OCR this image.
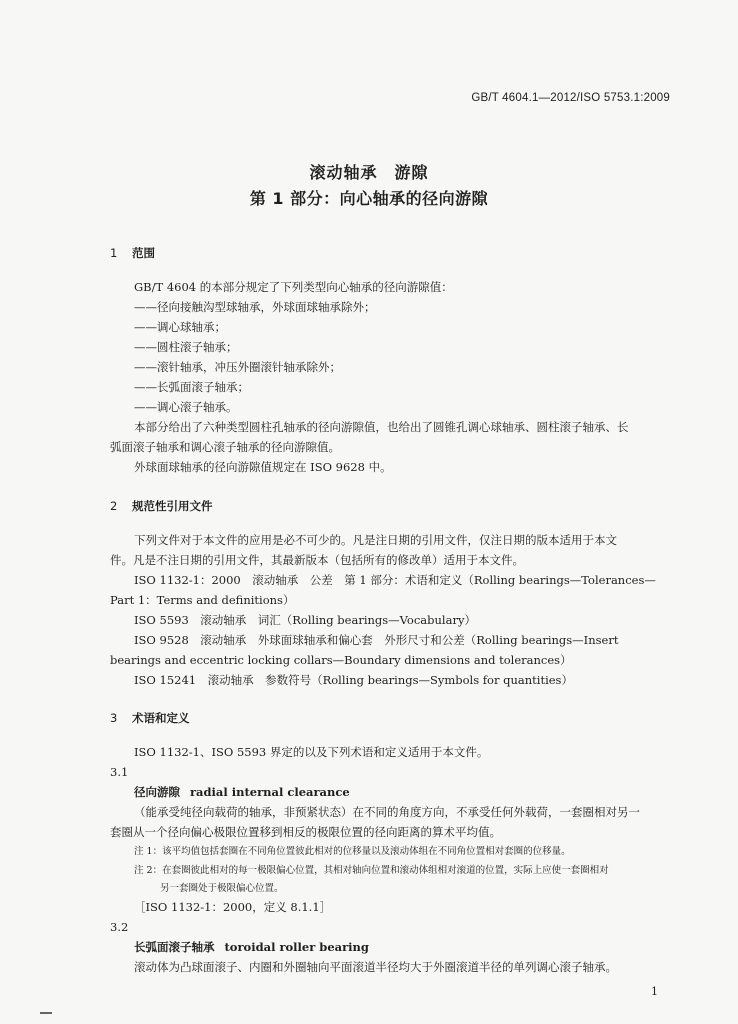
GB/T 4604.1—2012/ISO 5753.1:2009
滚动轴承　游隙
第 1 部分：向心轴承的径向游隙
1 范围
GB/T 4604 的本部分规定了下列类型向心轴承的径向游隙值：
——径向接触沟型球轴承，外球面球轴承除外；
——调心球轴承；
——圆柱滚子轴承；
——滚针轴承，冲压外圈滚针轴承除外；
——长弧面滚子轴承；
——调心滚子轴承。
本部分给出了六种类型圆柱孔轴承的径向游隙值，也给出了圆锥孔调心球轴承、圆柱滚子轴承、长
弧面滚子轴承和调心滚子轴承的径向游隙值。
外球面球轴承的径向游隙值规定在 ISO 9628 中。
2 规范性引用文件
下列文件对于本文件的应用是必不可少的。凡是注日期的引用文件，仅注日期的版本适用于本文
件。凡是不注日期的引用文件，其最新版本（包括所有的修改单）适用于本文件。
ISO 1132-1：2000　滚动轴承　公差　第 1 部分：术语和定义（Rolling bearings—Tolerances—
Part 1：Terms and definitions）
ISO 5593　滚动轴承　词汇（Rolling bearings—Vocabulary）
ISO 9528　滚动轴承　外球面球轴承和偏心套　外形尺寸和公差（Rolling bearings—Insert
bearings and eccentric locking collars—Boundary dimensions and tolerances）
ISO 15241　滚动轴承　参数符号（Rolling bearings—Symbols for quantities）
3 术语和定义
ISO 1132-1、ISO 5593 界定的以及下列术语和定义适用于本文件。
3.1
径向游隙 radial internal clearance
（能承受纯径向载荷的轴承，非预紧状态）在不同的角度方向，不承受任何外载荷，一套圈相对另一
套圈从一个径向偏心极限位置移到相反的极限位置的径向距离的算术平均值。
注 1：该平均值包括套圈在不同角位置彼此相对的位移量以及滚动体组在不同角位置相对套圈的位移量。
注 2：在套圈彼此相对的每一极限偏心位置，其相对轴向位置和滚动体组相对滚道的位置，实际上应使一套圈相对
另一套圈处于极限偏心位置。
［ISO 1132-1：2000，定义 8.1.1］
3.2
长弧面滚子轴承 toroidal roller bearing
滚动体为凸球面滚子、内圈和外圈轴向平面滚道半径均大于外圈滚道半径的单列调心滚子轴承。
1
